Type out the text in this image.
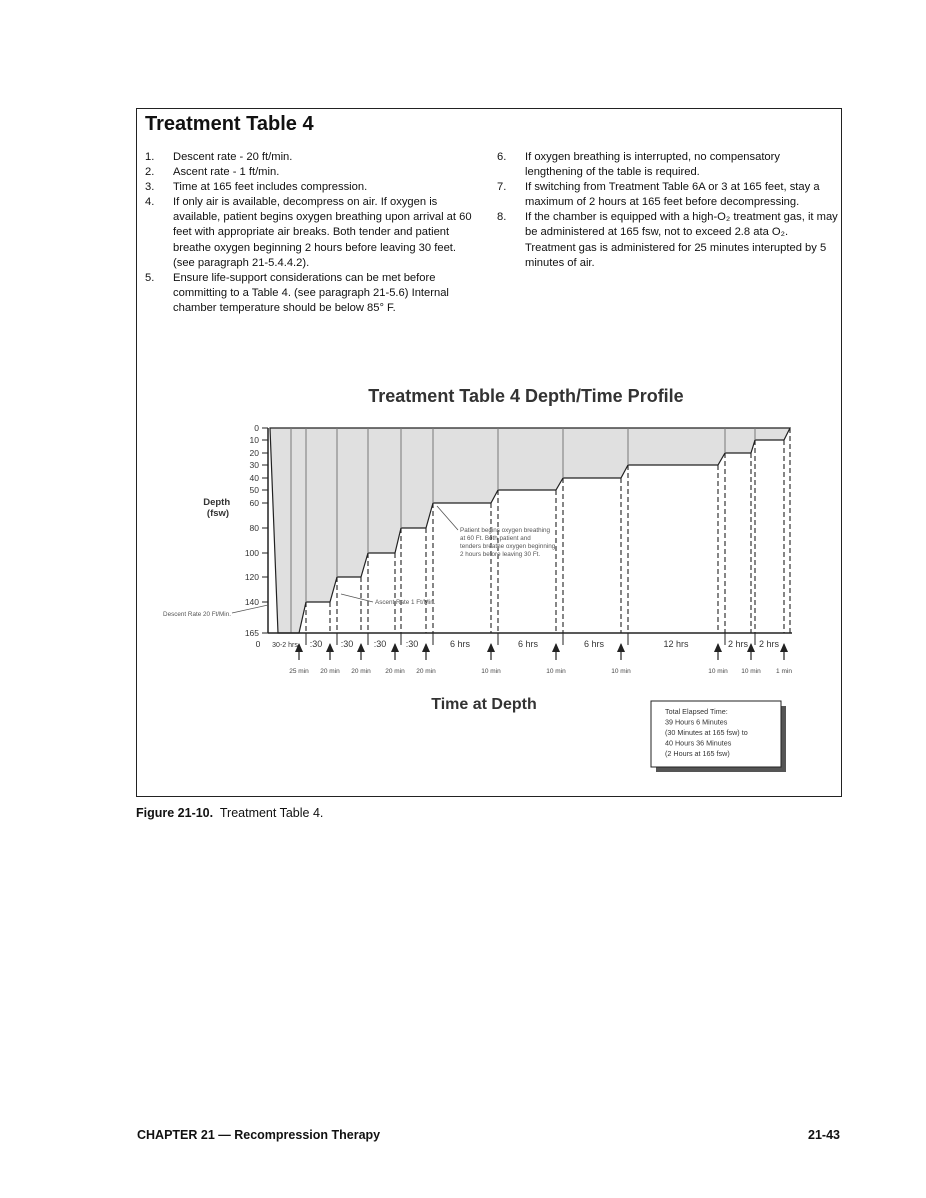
Treatment Table 4
1.	Descent rate - 20 ft/min.
2.	Ascent rate - 1 ft/min.
3.	Time at 165 feet includes compression.
4.	If only air is available, decompress on air. If oxygen is available, patient begins oxygen breathing upon arrival at 60 feet with appropriate air breaks. Both tender and patient breathe oxygen beginning 2 hours before leaving 30 feet. (see paragraph 21-5.4.4.2).
5.	Ensure life-support considerations can be met before committing to a Table 4. (see paragraph 21-5.6) Internal chamber temperature should be below 85° F.
6.	If oxygen breathing is interrupted, no compensatory lengthening of the table is required.
7.	If switching from Treatment Table 6A or 3 at 165 feet, stay a maximum of 2 hours at 165 feet before decompressing.
8.	If the chamber is equipped with a high-O₂ treatment gas, it may be administered at 165 fsw, not to exceed 2.8 ata O₂. Treatment gas is administered for 25 minutes interupted by 5 minutes of air.
Treatment Table 4 Depth/Time Profile
Depth (fsw)
0
10
20
30
40
50
60
80
100
120
140
165
0 30-2 hrs
25 min
:30
20 min
:30
20 min
:30
20 min
:30
20 min
6 hrs
10 min
6 hrs
10 min
6 hrs
10 min
12 hrs
10 min
2 hrs
10 min
2 hrs
1 min
Descent Rate 20 Ft/Min.
Ascent Rate 1 Ft/Min.
Patient begins oxygen breathing at 60 Ft. Both patient and tenders breathe oxygen beginning 2 hours before leaving 30 Ft.
Time at Depth	Total Elapsed Time:
39 Hours 6 Minutes
(30 Minutes at 165 fsw) to
40 Hours 36 Minutes
(2 Hours at 165 fsw)
Figure 21-10. Treatment Table 4.
CHAPTER 21 — Recompression Therapy	21-43
